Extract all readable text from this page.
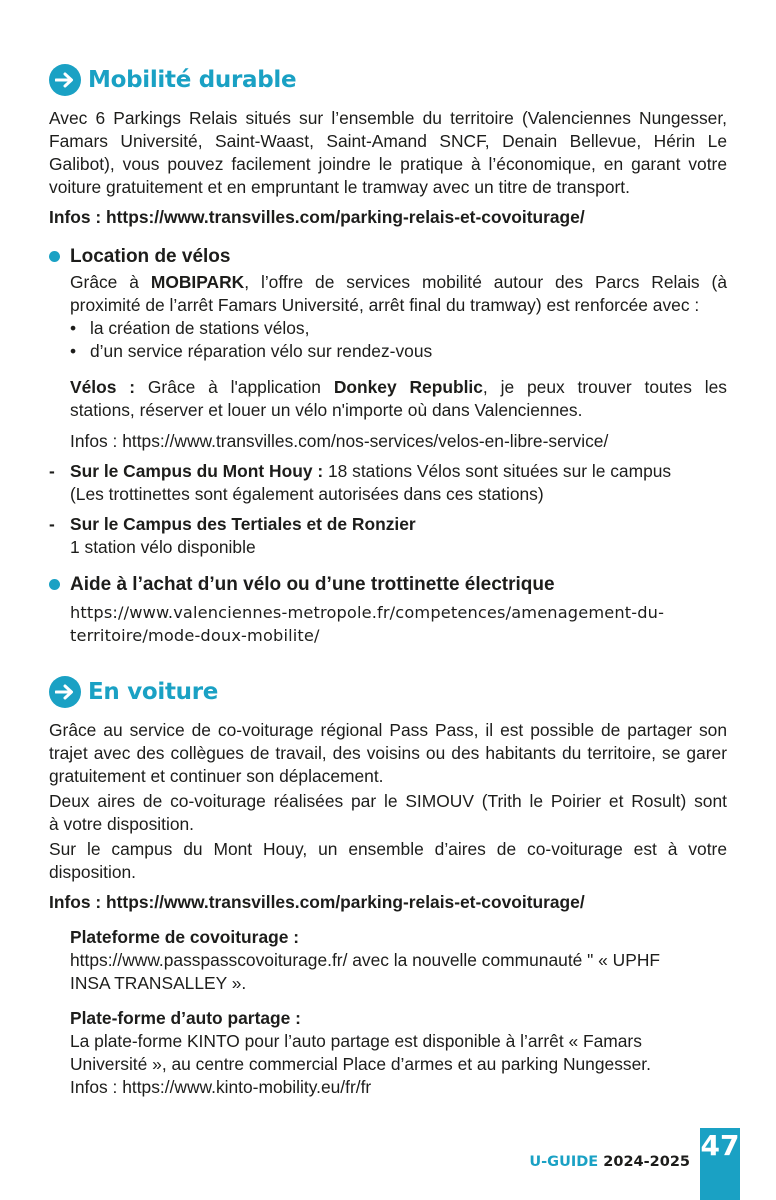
Mobilité durable
Avec 6 Parkings Relais situés sur l’ensemble du territoire (Valenciennes Nungesser,
Famars Université, Saint-Waast, Saint-Amand SNCF, Denain Bellevue, Hérin Le
Galibot), vous pouvez facilement joindre le pratique à l’économique, en garant votre
voiture gratuitement et en empruntant le tramway avec un titre de transport.

Infos : https://www.transvilles.com/parking-relais-et-covoiturage/

Location de vélos
Grâce à MOBIPARK, l’offre de services mobilité autour des Parcs Relais (à
proximité de l’arrêt Famars Université, arrêt final du tramway) est renforcée avec :
• la création de stations vélos,
• d’un service réparation vélo sur rendez-vous
Vélos : Grâce à l'application Donkey Republic, je peux trouver toutes les
stations, réserver et louer un vélo n'importe où dans Valenciennes.
Infos : https://www.transvilles.com/nos-services/velos-en-libre-service/
- Sur le Campus du Mont Houy : 18 stations Vélos sont situées sur le campus
(Les trottinettes sont également autorisées dans ces stations)
- Sur le Campus des Tertiales et de Ronzier
1 station vélo disponible
Aide à l’achat d’un vélo ou d’une trottinette électrique
https://www.valenciennes-metropole.fr/competences/amenagement-du-
territoire/mode-doux-mobilite/
En voiture
Grâce au service de co-voiturage régional Pass Pass, il est possible de partager son
trajet avec des collègues de travail, des voisins ou des habitants du territoire, se garer
gratuitement et continuer son déplacement.
Deux aires de co-voiturage réalisées par le SIMOUV (Trith le Poirier et Rosult) sont
à votre disposition.
Sur le campus du Mont Houy, un ensemble d’aires de co-voiturage est à votre
disposition.

Infos : https://www.transvilles.com/parking-relais-et-covoiturage/

Plateforme de covoiturage :
https://www.passpasscovoiturage.fr/ avec la nouvelle communauté " « UPHF
INSA TRANSALLEY ».
Plate-forme d’auto partage :
La plate-forme KINTO pour l’auto partage est disponible à l’arrêt « Famars
Université », au centre commercial Place d’armes et au parking Nungesser.
Infos : https://www.kinto-mobility.eu/fr/fr
U-GUIDE 2024-2025 47
